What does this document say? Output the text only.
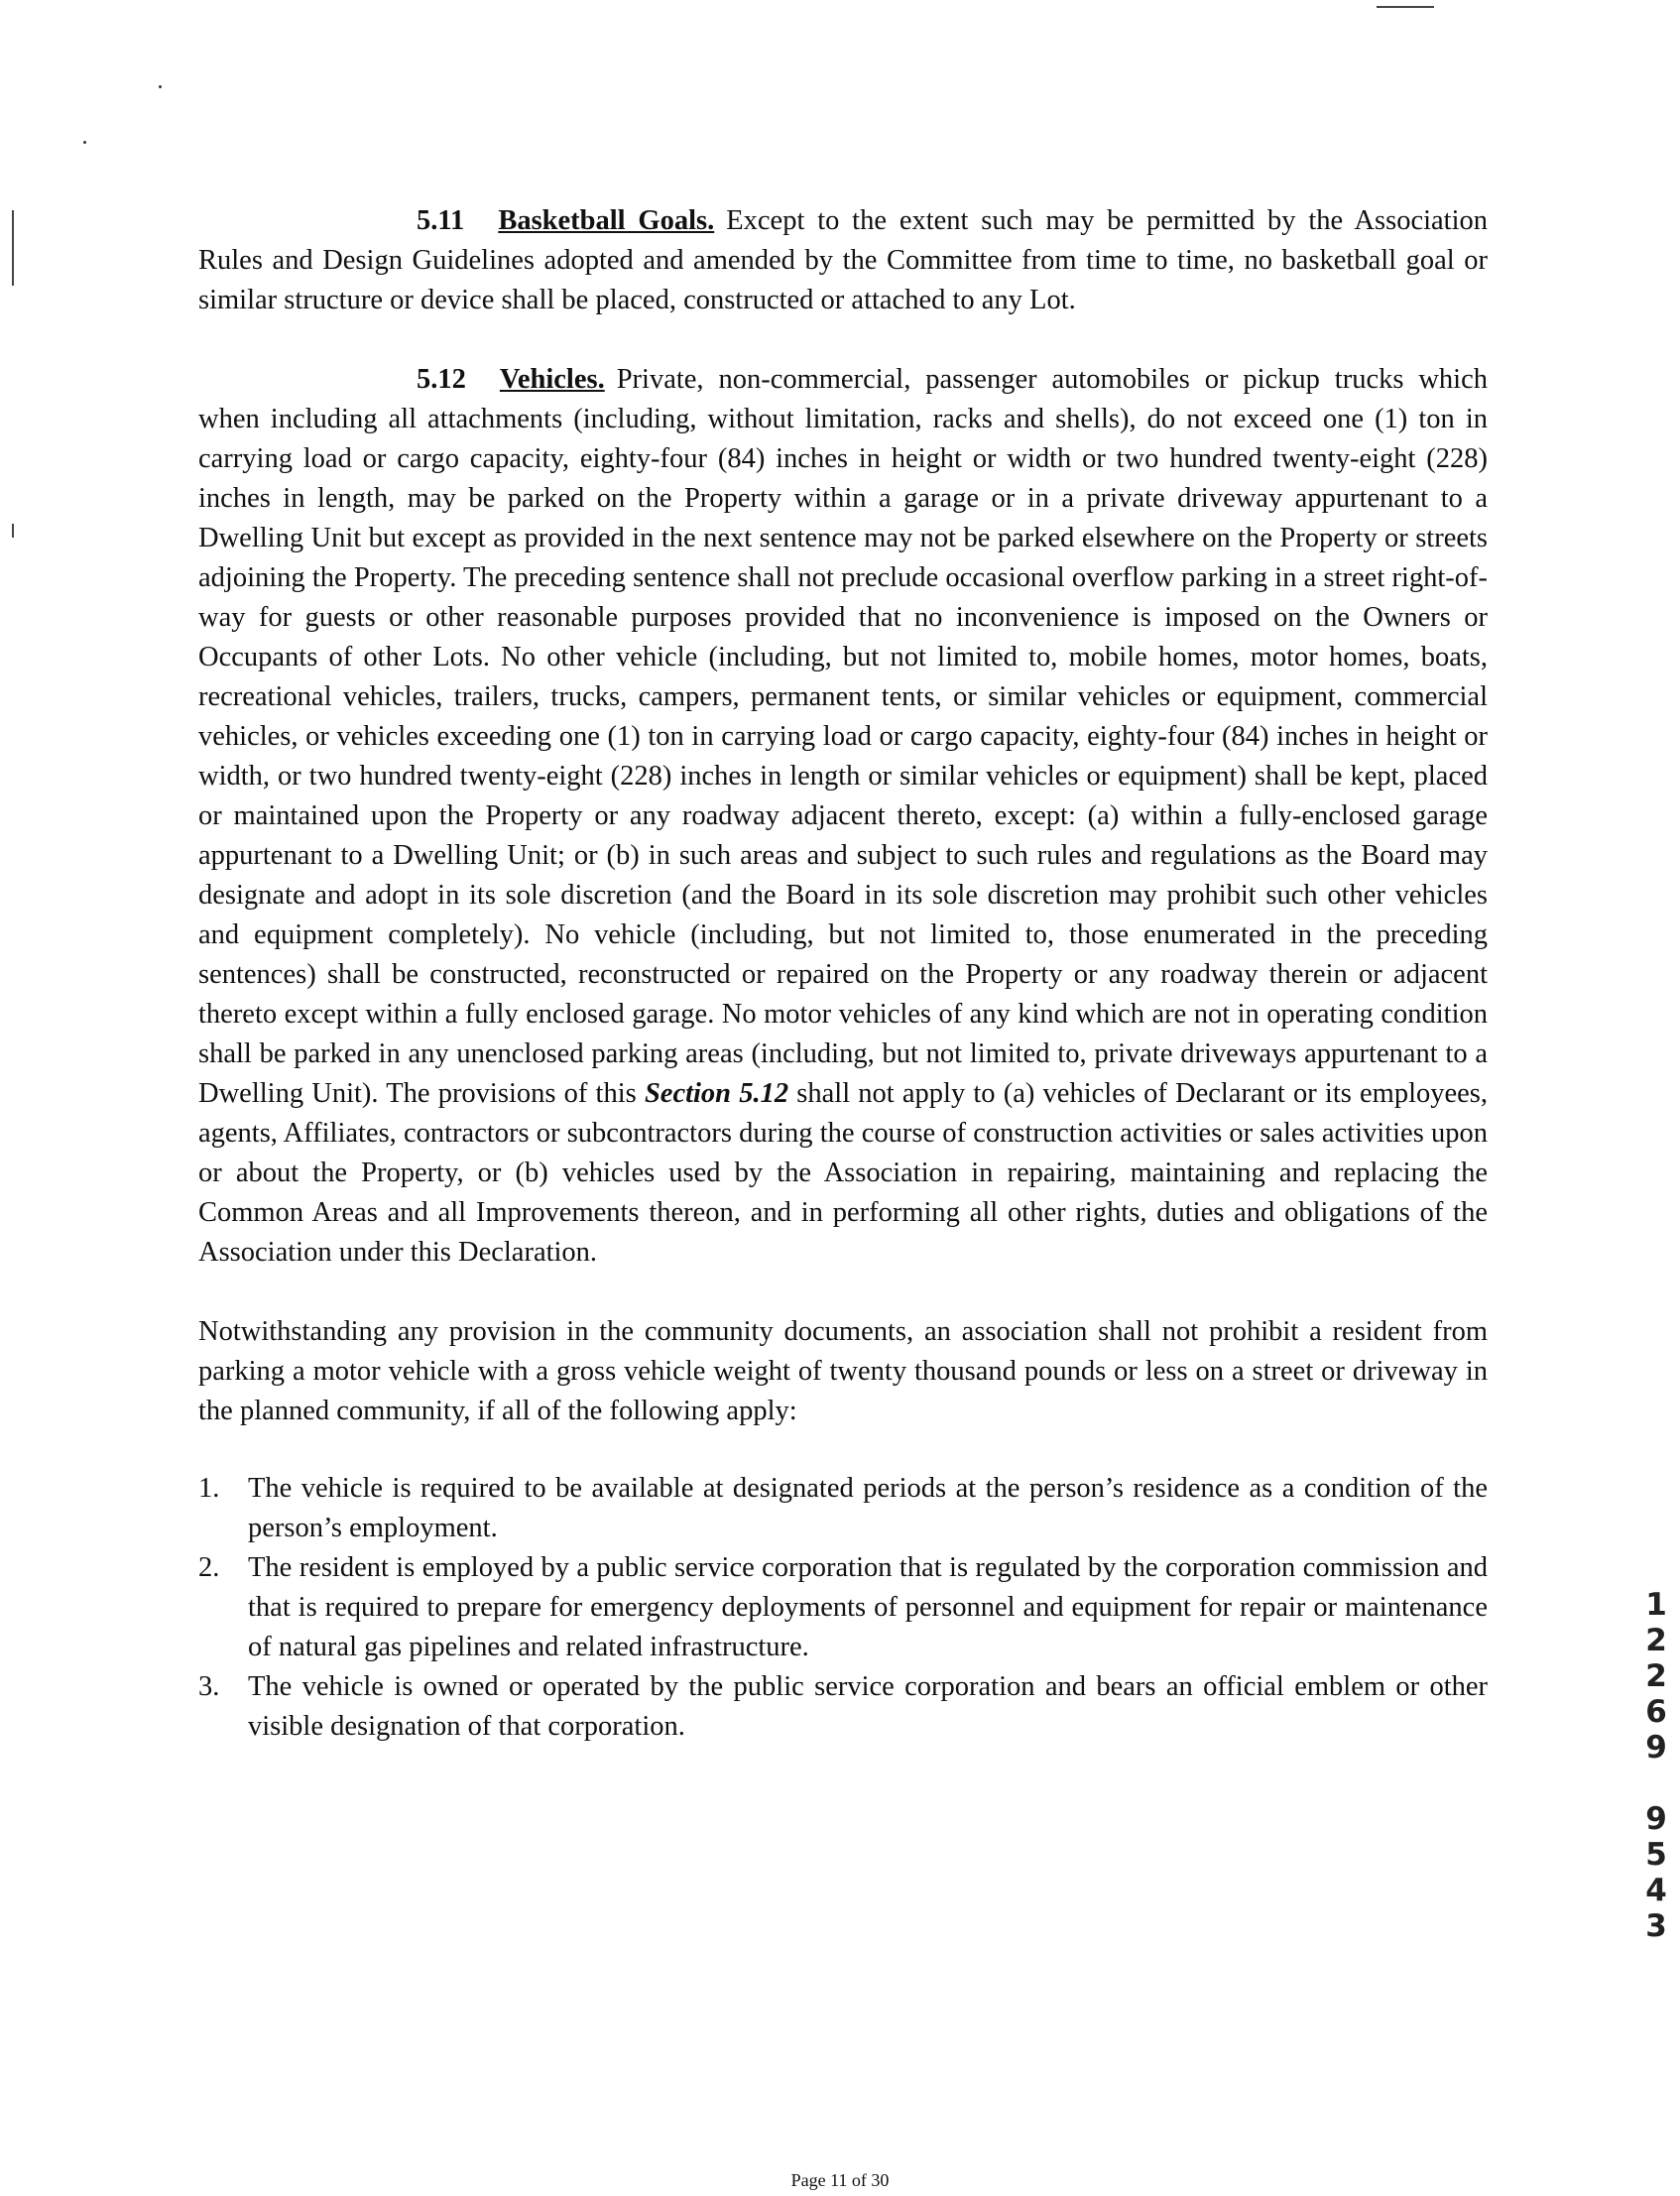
5.11 Basketball Goals. Except to the extent such may be permitted by the Association Rules and Design Guidelines adopted and amended by the Committee from time to time, no basketball goal or similar structure or device shall be placed, constructed or attached to any Lot.

5.12 Vehicles. Private, non-commercial, passenger automobiles or pickup trucks which when including all attachments (including, without limitation, racks and shells), do not exceed one (1) ton in carrying load or cargo capacity, eighty-four (84) inches in height or width or two hundred twenty-eight (228) inches in length, may be parked on the Property within a garage or in a private driveway appurtenant to a Dwelling Unit but except as provided in the next sentence may not be parked elsewhere on the Property or streets adjoining the Property. The preceding sentence shall not preclude occasional overflow parking in a street right-of-way for guests or other reasonable purposes provided that no inconvenience is imposed on the Owners or Occupants of other Lots. No other vehicle (including, but not limited to, mobile homes, motor homes, boats, recreational vehicles, trailers, trucks, campers, permanent tents, or similar vehicles or equipment, commercial vehicles, or vehicles exceeding one (1) ton in carrying load or cargo capacity, eighty-four (84) inches in height or width, or two hundred twenty-eight (228) inches in length or similar vehicles or equipment) shall be kept, placed or maintained upon the Property or any roadway adjacent thereto, except: (a) within a fully-enclosed garage appurtenant to a Dwelling Unit; or (b) in such areas and subject to such rules and regulations as the Board may designate and adopt in its sole discretion (and the Board in its sole discretion may prohibit such other vehicles and equipment completely). No vehicle (including, but not limited to, those enumerated in the preceding sentences) shall be constructed, reconstructed or repaired on the Property or any roadway therein or adjacent thereto except within a fully enclosed garage. No motor vehicles of any kind which are not in operating condition shall be parked in any unenclosed parking areas (including, but not limited to, private driveways appurtenant to a Dwelling Unit). The provisions of this Section 5.12 shall not apply to (a) vehicles of Declarant or its employees, agents, Affiliates, contractors or subcontractors during the course of construction activities or sales activities upon or about the Property, or (b) vehicles used by the Association in repairing, maintaining and replacing the Common Areas and all Improvements thereon, and in performing all other rights, duties and obligations of the Association under this Declaration.

Notwithstanding any provision in the community documents, an association shall not prohibit a resident from parking a motor vehicle with a gross vehicle weight of twenty thousand pounds or less on a street or driveway in the planned community, if all of the following apply:

1.	The vehicle is required to be available at designated periods at the person’s residence as a condition of the person’s employment.
2.	The resident is employed by a public service corporation that is regulated by the corporation commission and that is required to prepare for emergency deployments of personnel and equipment for repair or maintenance of natural gas pipelines and related infrastructure.
3.	The vehicle is owned or operated by the public service corporation and bears an official emblem or other visible designation of that corporation.
1
2
2
6
9
9
5
4
3
Page 11 of 30
